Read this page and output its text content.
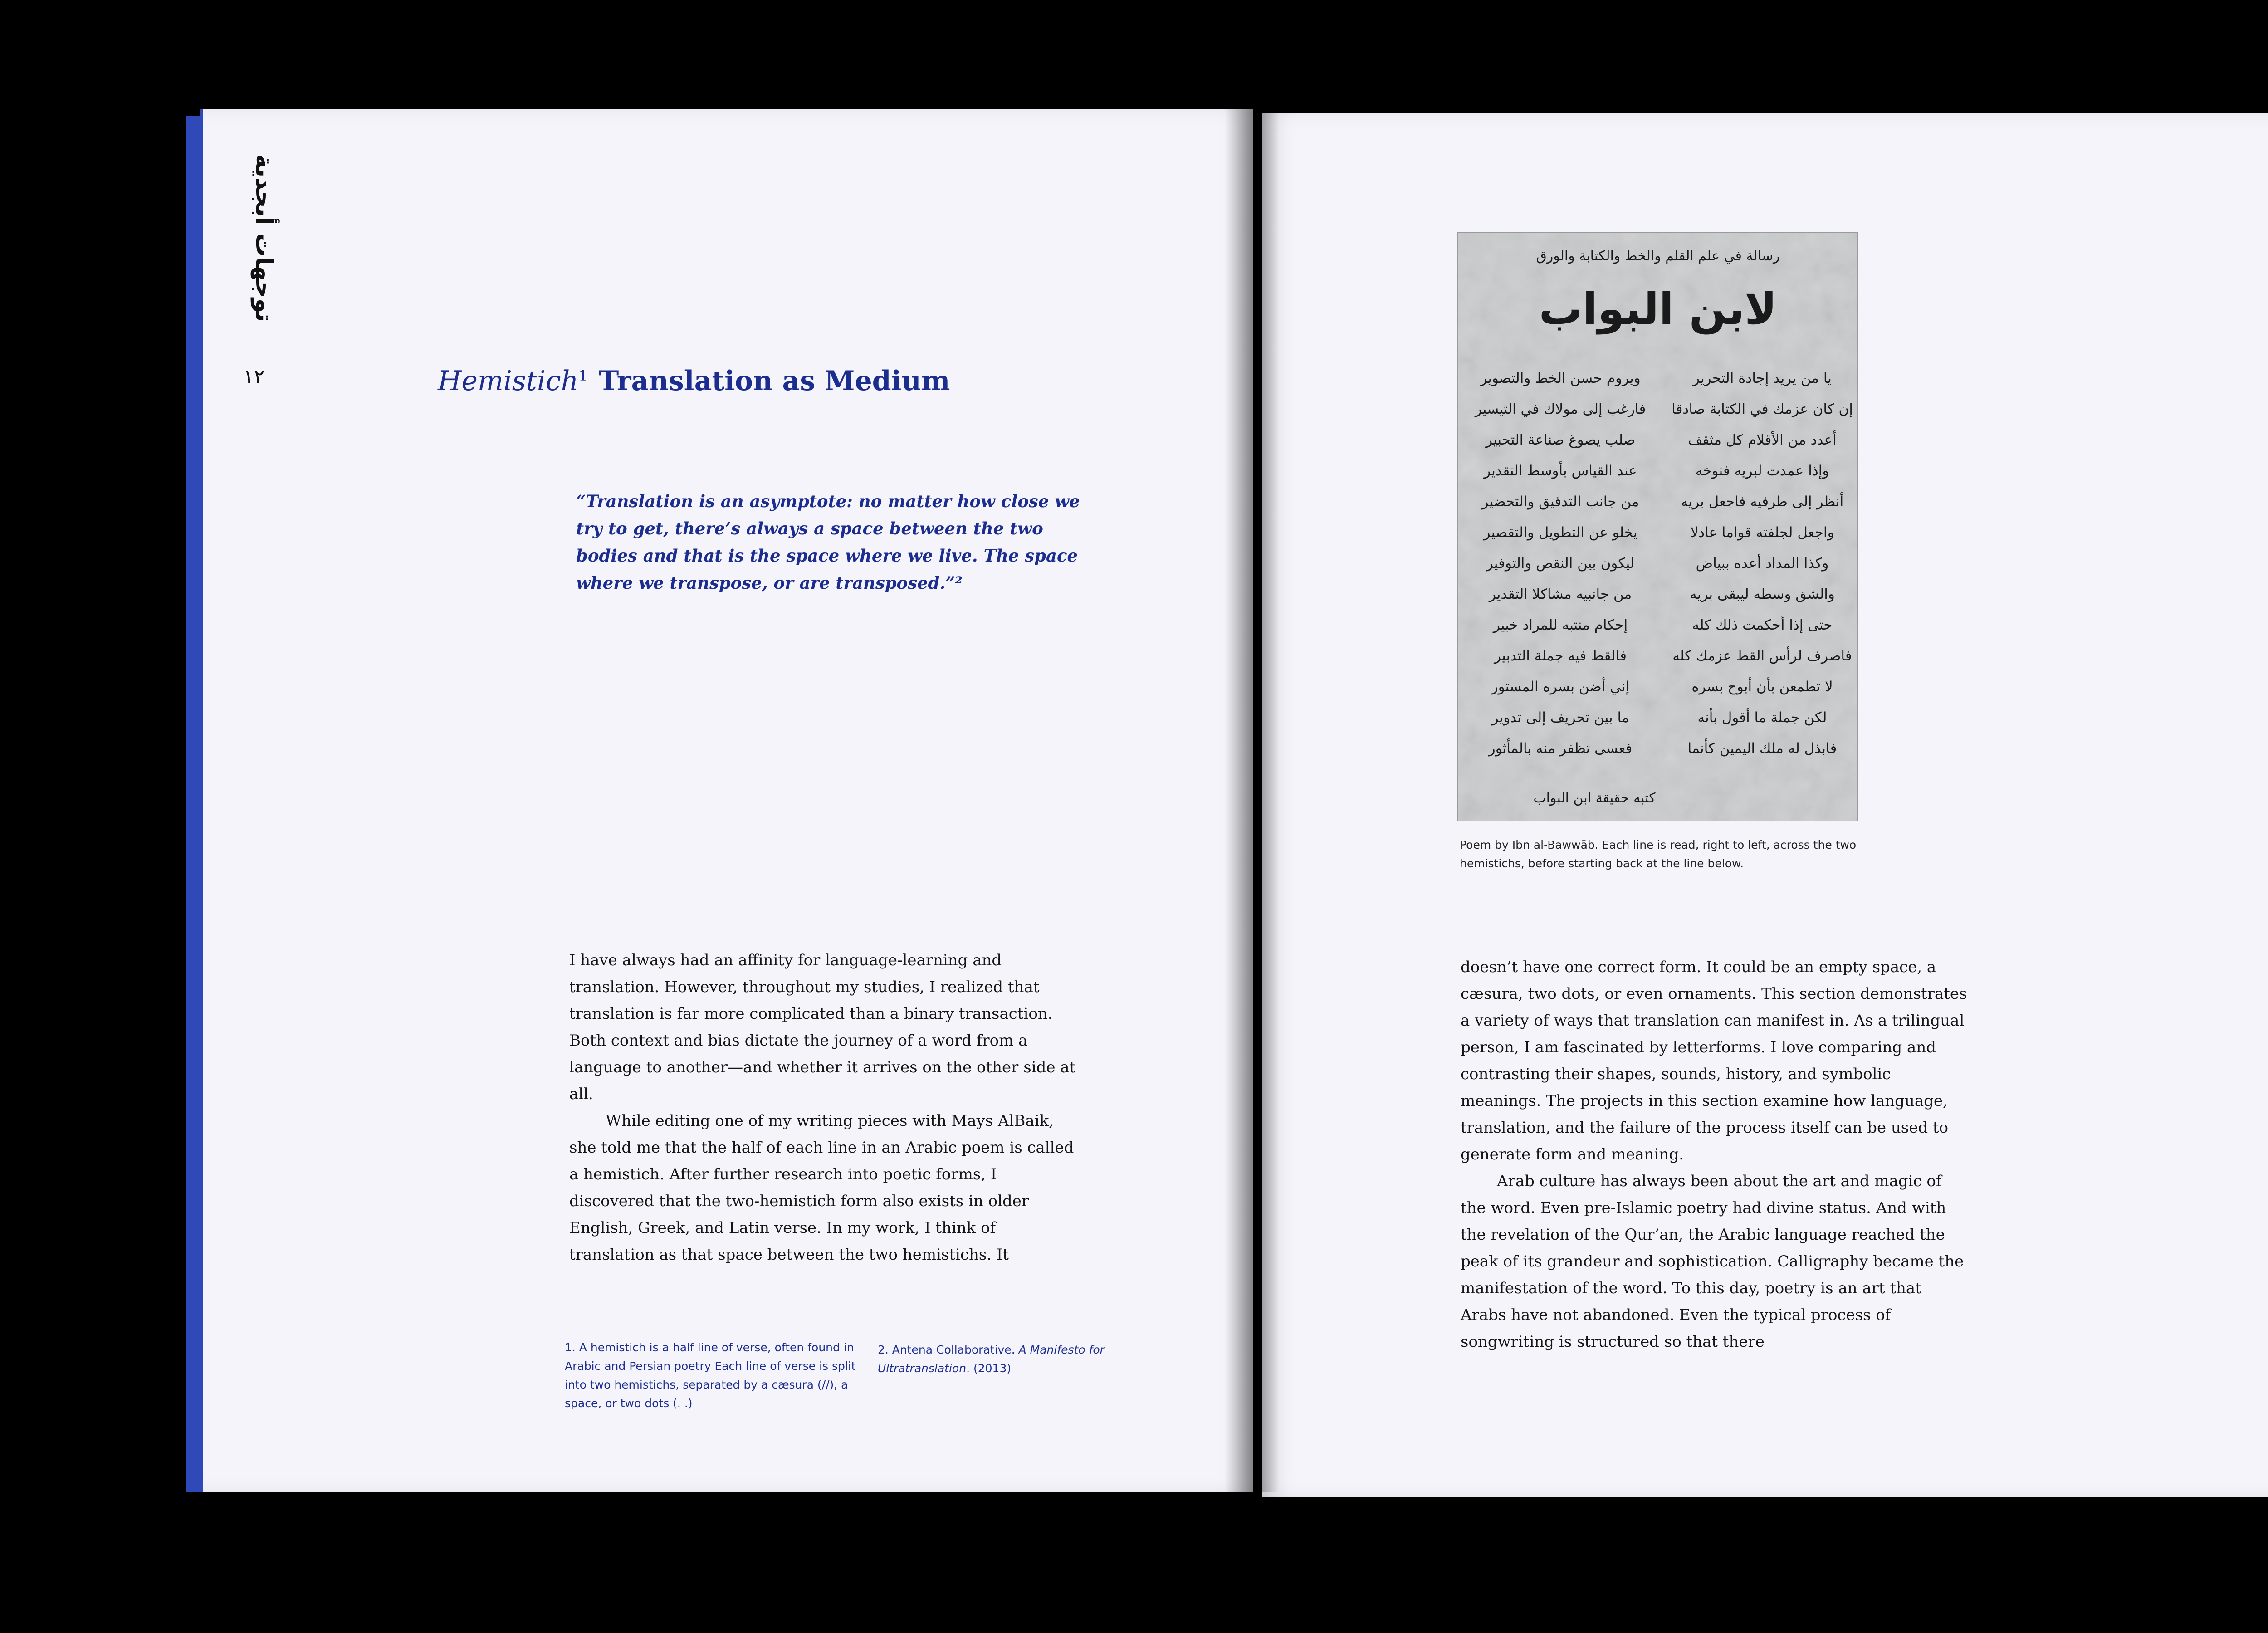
توجهات أبجدية
١٢	Hemistich$^1$ Translation as Medium
“Translation is an asymptote: no matter how close we try to get, there’s always a space between the two bodies and that is the space where we live. The space where we transpose, or are transposed.”²

I have always had an affinity for language-learning and translation. However, throughout my studies, I realized that translation is far more complicated than a binary transaction. Both context and bias dictate the journey of a word from a language to another—and whether it arrives on the other side at all.

While editing one of my writing pieces with Mays AlBaik, she told me that the half of each line in an Arabic poem is called a hemistich. After further research into poetic forms, I discovered that the two-hemistich form also exists in older English, Greek, and Latin verse. In my work, I think of translation as that space between the two hemistichs. It

1. A hemistich is a half line of verse, often found in Arabic and Persian poetry Each line of verse is split into two hemistichs, separated by a cæsura (//), a space, or two dots (. .)
2. Antena Collaborative. A Manifesto for Ultratranslation. (2013)
رسالة في علم القلم والخط والكتابة والورق
لابن البواب
يا من يريد إجادة التحرير
ويروم حسن الخط والتصوير
إن كان عزمك في الكتابة صادقا
فارغب إلى مولاك في التيسير
أعدد من الأقلام كل مثقف
صلب يصوغ صناعة التحبير
وإذا عمدت لبريه فتوخه
عند القياس بأوسط التقدير
أنظر إلى طرفيه فاجعل بريه
من جانب التدقيق والتحضير
واجعل لجلفته قواما عادلا
يخلو عن التطويل والتقصير
وكذا المداد أعده ببياض
ليكون بين النقص والتوفير
والشق وسطه ليبقى بريه
من جانبيه مشاكلا التقدير
حتى إذا أحكمت ذلك كله
إحكام منتبه للمراد خبير
فاصرف لرأس القط عزمك كله
فالقط فيه جملة التدبير
لا تطمعن بأن أبوح بسره
إني أضن بسره المستور
لكن جملة ما أقول بأنه
ما بين تحريف إلى تدوير
فابذل له ملك اليمين كأنما
فعسى تظفر منه بالمأثور
كتبه حقيقة ابن البواب
Poem by Ibn al-Bawwāb. Each line is read, right to left, across the two hemistichs, before starting back at the line below.

doesn’t have one correct form. It could be an empty space, a cæsura, two dots, or even ornaments. This section demonstrates a variety of ways that translation can manifest in. As a trilingual person, I am fascinated by letterforms. I love comparing and contrasting their shapes, sounds, history, and symbolic meanings. The projects in this section examine how language, translation, and the failure of the process itself can be used to generate form and meaning.

Arab culture has always been about the art and magic of the word. Even pre-Islamic poetry had divine status. And with the revelation of the Qur’an, the Arabic language reached the peak of its grandeur and sophistication. Calligraphy became the manifestation of the word. To this day, poetry is an art that Arabs have not abandoned. Even the typical process of songwriting is structured so that there
